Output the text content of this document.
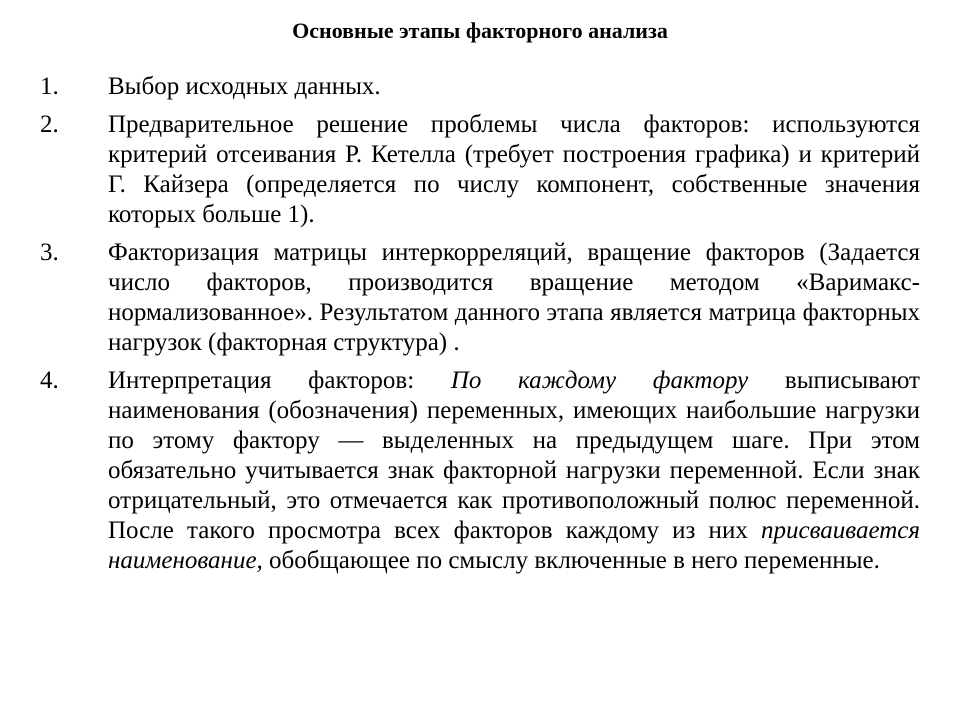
Основные этапы факторного анализа
1.	Выбор исходных данных.
2.	Предварительное решение проблемы числа факторов: используются критерий отсеивания Р. Кетелла (требует построения графика) и критерий Г. Кайзера (определяется по числу компонент, собственные значения которых больше 1).
3.	Факторизация матрицы интеркорреляций, вращение факторов (Задается число факторов, производится вращение методом «Варимакс-нормализованное». Результатом данного этапа является матрица факторных нагрузок (факторная структура) .
4.	Интерпретация факторов: По каждому фактору выписывают наименования (обозначения) переменных, имеющих наибольшие нагрузки по этому фактору — выделенных на предыдущем шаге. При этом обязательно учитывается знак факторной нагрузки переменной. Если знак отрицательный, это отмечается как противоположный полюс переменной. После такого просмотра всех факторов каждому из них присваивается наименование, обобщающее по смыслу включенные в него переменные.
